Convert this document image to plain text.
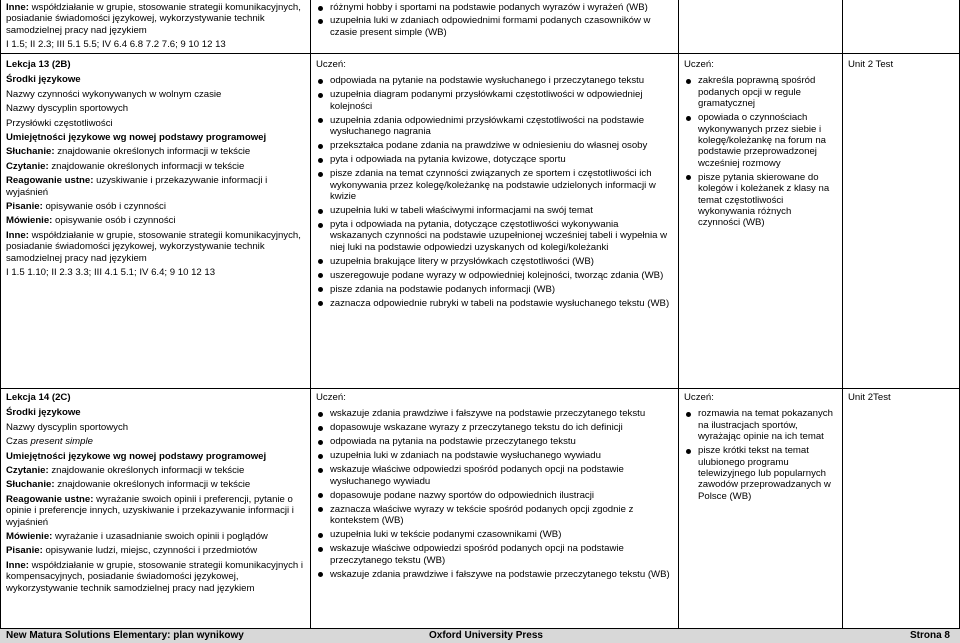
Inne: współdziałanie w grupie, stosowanie strategii komunikacyjnych, posiadanie świadomości językowej, wykorzystywanie technik samodzielnej pracy nad językiem

I 1.5; II 2.3; III 5.1 5.5; IV 6.4 6.8 7.2 7.6; 9 10 12 13

różnymi hobby i sportami na podstawie podanych wyrazów i wyrażeń (WB)
uzupełnia luki w zdaniach odpowiednimi formami podanych czasowników w czasie present simple (WB)

Lekcja 13 (2B)

Środki językowe

Nazwy czynności wykonywanych w wolnym czasie

Nazwy dyscyplin sportowych

Przysłówki częstotliwości

Umiejętności językowe wg nowej podstawy programowej

Słuchanie: znajdowanie określonych informacji w tekście

Czytanie: znajdowanie określonych informacji w tekście

Reagowanie ustne: uzyskiwanie i przekazywanie informacji i wyjaśnień

Pisanie: opisywanie osób i czynności

Mówienie: opisywanie osób i czynności

Inne: współdziałanie w grupie, stosowanie strategii komunikacyjnych, posiadanie świadomości językowej, wykorzystywanie technik samodzielnej pracy nad językiem

I 1.5 1.10; II 2.3 3.3; III 4.1 5.1; IV 6.4; 9 10 12 13

Uczeń:

odpowiada na pytanie na podstawie wysłuchanego i przeczytanego tekstu
uzupełnia diagram podanymi przysłówkami częstotliwości w odpowiedniej kolejności
uzupełnia zdania odpowiednimi przysłówkami częstotliwości na podstawie wysłuchanego nagrania
przekształca podane zdania na prawdziwe w odniesieniu do własnej osoby
pyta i odpowiada na pytania kwizowe, dotyczące sportu
pisze zdania na temat czynności związanych ze sportem i częstotliwości ich wykonywania przez kolegę/koleżankę na podstawie udzielonych informacji w kwizie
uzupełnia luki w tabeli właściwymi informacjami na swój temat
pyta i odpowiada na pytania, dotyczące częstotliwości wykonywania wskazanych czynności na podstawie uzupełnionej wcześniej tabeli i wypełnia w niej luki na podstawie odpowiedzi uzyskanych od kolegi/koleżanki
uzupełnia brakujące litery w przysłówkach częstotliwości (WB)
uszeregowuje podane wyrazy w odpowiedniej kolejności, tworząc zdania (WB)
pisze zdania na podstawie podanych informacji (WB)
zaznacza odpowiednie rubryki w tabeli na podstawie wysłuchanego tekstu (WB)

Uczeń:

zakreśla poprawną spośród podanych opcji w regule gramatycznej
opowiada o czynnościach wykonywanych przez siebie i kolegę/koleżankę na forum na podstawie przeprowadzonej wcześniej rozmowy
pisze pytania skierowane do kolegów i koleżanek z klasy na temat częstotliwości wykonywania różnych czynności (WB)

Unit 2 Test

Lekcja 14 (2C)

Środki językowe

Nazwy dyscyplin sportowych

Czas present simple

Umiejętności językowe wg nowej podstawy programowej

Czytanie: znajdowanie określonych informacji w tekście

Słuchanie: znajdowanie określonych informacji w tekście

Reagowanie ustne: wyrażanie swoich opinii i preferencji, pytanie o opinie i preferencje innych, uzyskiwanie i przekazywanie informacji i wyjaśnień

Mówienie: wyrażanie i uzasadnianie swoich opinii i poglądów

Pisanie: opisywanie ludzi, miejsc, czynności i przedmiotów

Inne: współdziałanie w grupie, stosowanie strategii komunikacyjnych i kompensacyjnych, posiadanie świadomości językowej, wykorzystywanie technik samodzielnej pracy nad językiem

Uczeń:

wskazuje zdania prawdziwe i fałszywe na podstawie przeczytanego tekstu
dopasowuje wskazane wyrazy z przeczytanego tekstu do ich definicji
odpowiada na pytania na podstawie przeczytanego tekstu
uzupełnia luki w zdaniach na podstawie wysłuchanego wywiadu
wskazuje właściwe odpowiedzi spośród podanych opcji na podstawie wysłuchanego wywiadu
dopasowuje podane nazwy sportów do odpowiednich ilustracji
zaznacza właściwe wyrazy w tekście spośród podanych opcji zgodnie z kontekstem (WB)
uzupełnia luki w tekście podanymi czasownikami (WB)
wskazuje właściwe odpowiedzi spośród podanych opcji na podstawie przeczytanego tekstu (WB)
wskazuje zdania prawdziwe i fałszywe na podstawie przeczytanego tekstu (WB)

Uczeń:

rozmawia na temat pokazanych na ilustracjach sportów, wyrażając opinie na ich temat
pisze krótki tekst na temat ulubionego programu telewizyjnego lub popularnych zawodów przeprowadzanych w Polsce (WB)

Unit 2Test

New Matura Solutions Elementary: plan wynikowy	Oxford University Press	Strona 8
